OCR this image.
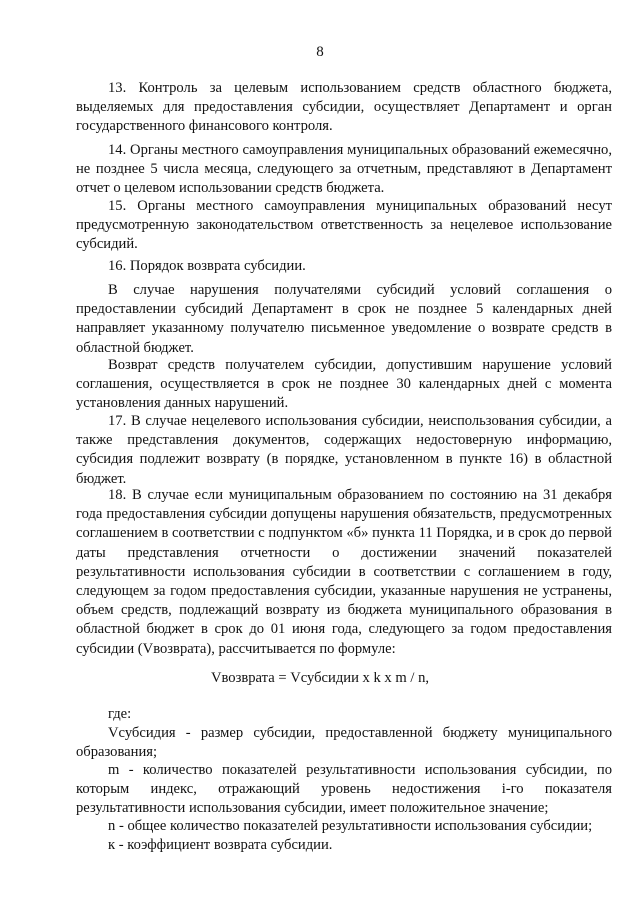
8

13. Контроль за целевым использованием средств областного бюджета, выделяемых для предоставления субсидии, осуществляет Департамент и орган государственного финансового контроля.

14. Органы местного самоуправления муниципальных образований ежемесячно, не позднее 5 числа месяца, следующего за отчетным, представляют в Департамент отчет о целевом использовании средств бюджета.

15. Органы местного самоуправления муниципальных образований несут предусмотренную законодательством ответственность за нецелевое использование субсидий.

16. Порядок возврата субсидии.

В случае нарушения получателями субсидий условий соглашения о предоставлении субсидий Департамент в срок не позднее 5 календарных дней направляет указанному получателю письменное уведомление о возврате средств в областной бюджет.

Возврат средств получателем субсидии, допустившим нарушение условий соглашения, осуществляется в срок не позднее 30 календарных дней с момента установления данных нарушений.

17. В случае нецелевого использования субсидии, неиспользования субсидии, а также представления документов, содержащих недостоверную информацию, субсидия подлежит возврату (в порядке, установленном в пункте 16) в областной бюджет.

18. В случае если муниципальным образованием по состоянию на 31 декабря года предоставления субсидии допущены нарушения обязательств, предусмотренных соглашением в соответствии с подпунктом «б» пункта 11 Порядка, и в срок до первой даты представления отчетности о достижении значений показателей результативности использования субсидии в соответствии с соглашением в году, следующем за годом предоставления субсидии, указанные нарушения не устранены, объем средств, подлежащий возврату из бюджета муниципального образования в областной бюджет в срок до 01 июня года, следующего за годом предоставления субсидии (Vвозврата), рассчитывается по формуле:

Vвозврата = Vсубсидии x k x m / n,

где:

Vсубсидия - размер субсидии, предоставленной бюджету муниципального образования;

m - количество показателей результативности использования субсидии, по которым индекс, отражающий уровень недостижения i-го показателя результативности использования субсидии, имеет положительное значение;

n - общее количество показателей результативности использования субсидии;

к - коэффициент возврата субсидии.
